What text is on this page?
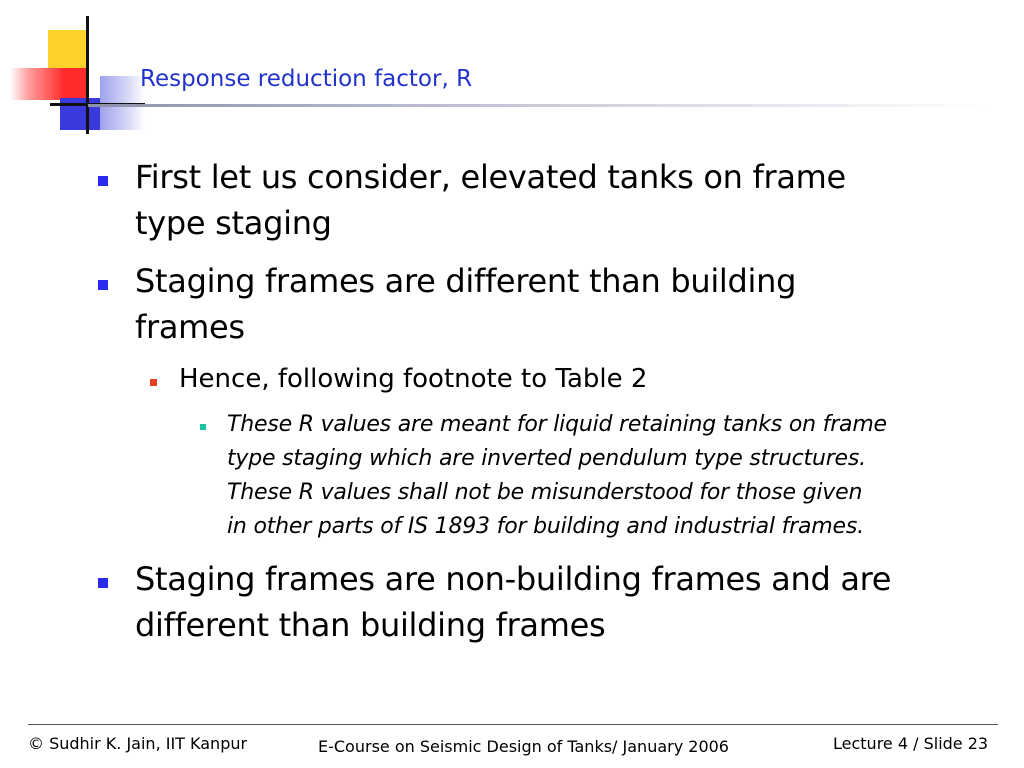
Response reduction factor, R
First let us consider, elevated tanks on frame
type staging
Staging frames are different than building
frames
Hence, following footnote to Table 2
These R values are meant for liquid retaining tanks on frame
type staging which are inverted pendulum type structures.
These R values shall not be misunderstood for those given
in other parts of IS 1893 for building and industrial frames.
Staging frames are non-building frames and are
different than building frames
© Sudhir K. Jain, IIT Kanpur	E-Course on Seismic Design of Tanks/ January 2006	Lecture 4 / Slide 23
